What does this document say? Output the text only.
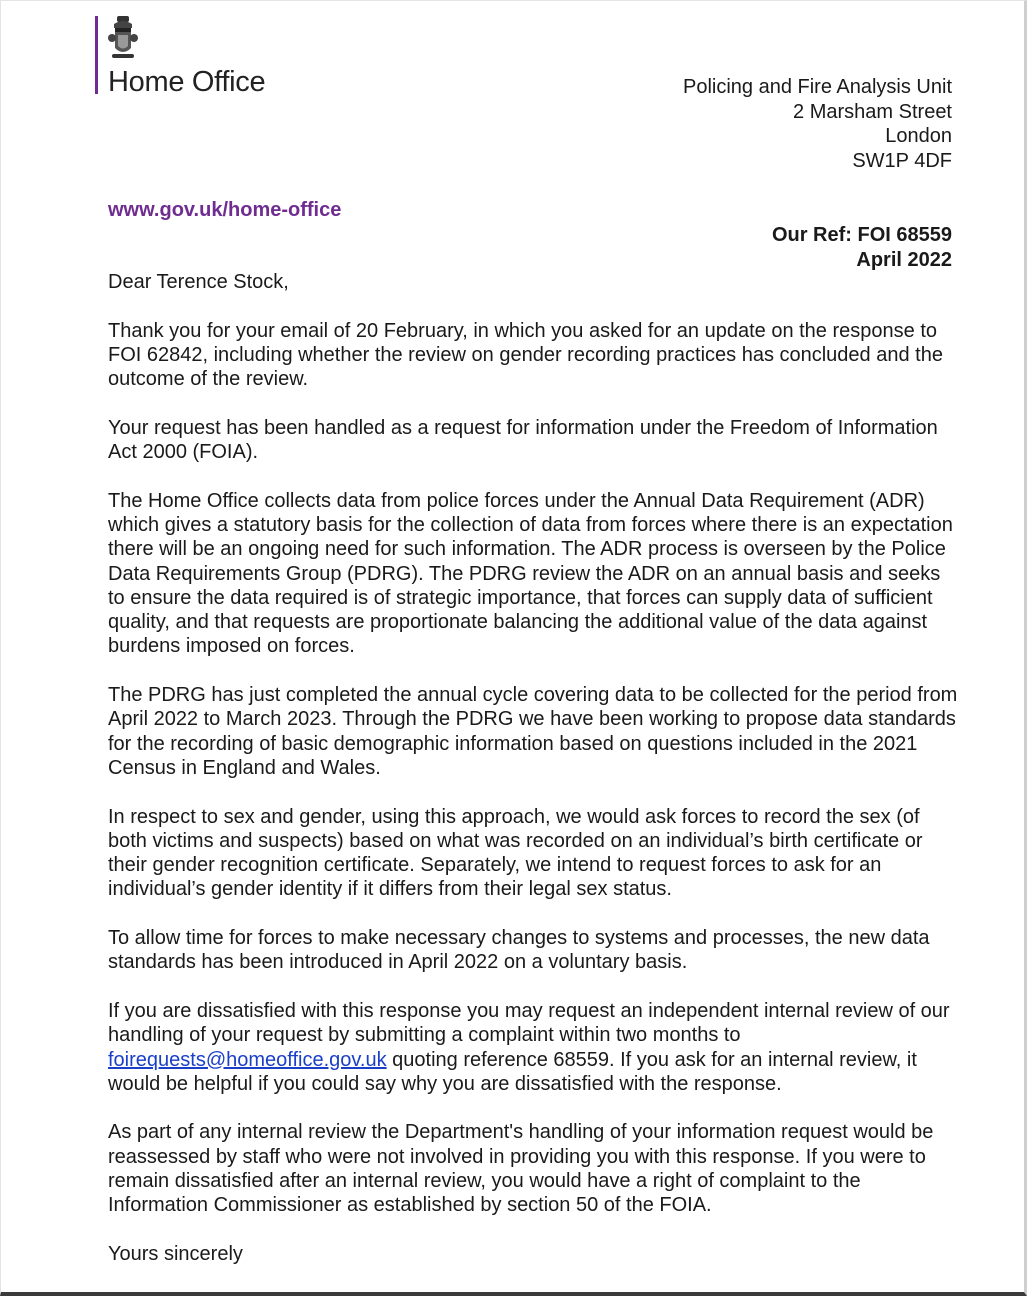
Home Office	Policing and Fire Analysis Unit
2 Marsham Street
London
SW1P 4DF
www.gov.uk/home-office
Our Ref: FOI 68559
April 2022

Dear Terence Stock,

Thank you for your email of 20 February, in which you asked for an update on the response to FOI 62842, including whether the review on gender recording practices has concluded and the outcome of the review.

Your request has been handled as a request for information under the Freedom of Information Act 2000 (FOIA).

The Home Office collects data from police forces under the Annual Data Requirement (ADR) which gives a statutory basis for the collection of data from forces where there is an expectation there will be an ongoing need for such information. The ADR process is overseen by the Police Data Requirements Group (PDRG). The PDRG review the ADR on an annual basis and seeks to ensure the data required is of strategic importance, that forces can supply data of sufficient quality, and that requests are proportionate balancing the additional value of the data against burdens imposed on forces.

The PDRG has just completed the annual cycle covering data to be collected for the period from April 2022 to March 2023. Through the PDRG we have been working to propose data standards for the recording of basic demographic information based on questions included in the 2021 Census in England and Wales.

In respect to sex and gender, using this approach, we would ask forces to record the sex (of both victims and suspects) based on what was recorded on an individual’s birth certificate or their gender recognition certificate. Separately, we intend to request forces to ask for an individual’s gender identity if it differs from their legal sex status.

To allow time for forces to make necessary changes to systems and processes, the new data standards has been introduced in April 2022 on a voluntary basis.

If you are dissatisfied with this response you may request an independent internal review of our handling of your request by submitting a complaint within two months to foirequests@homeoffice.gov.uk quoting reference 68559. If you ask for an internal review, it would be helpful if you could say why you are dissatisfied with the response.

As part of any internal review the Department's handling of your information request would be reassessed by staff who were not involved in providing you with this response. If you were to remain dissatisfied after an internal review, you would have a right of complaint to the Information Commissioner as established by section 50 of the FOIA.

Yours sincerely
